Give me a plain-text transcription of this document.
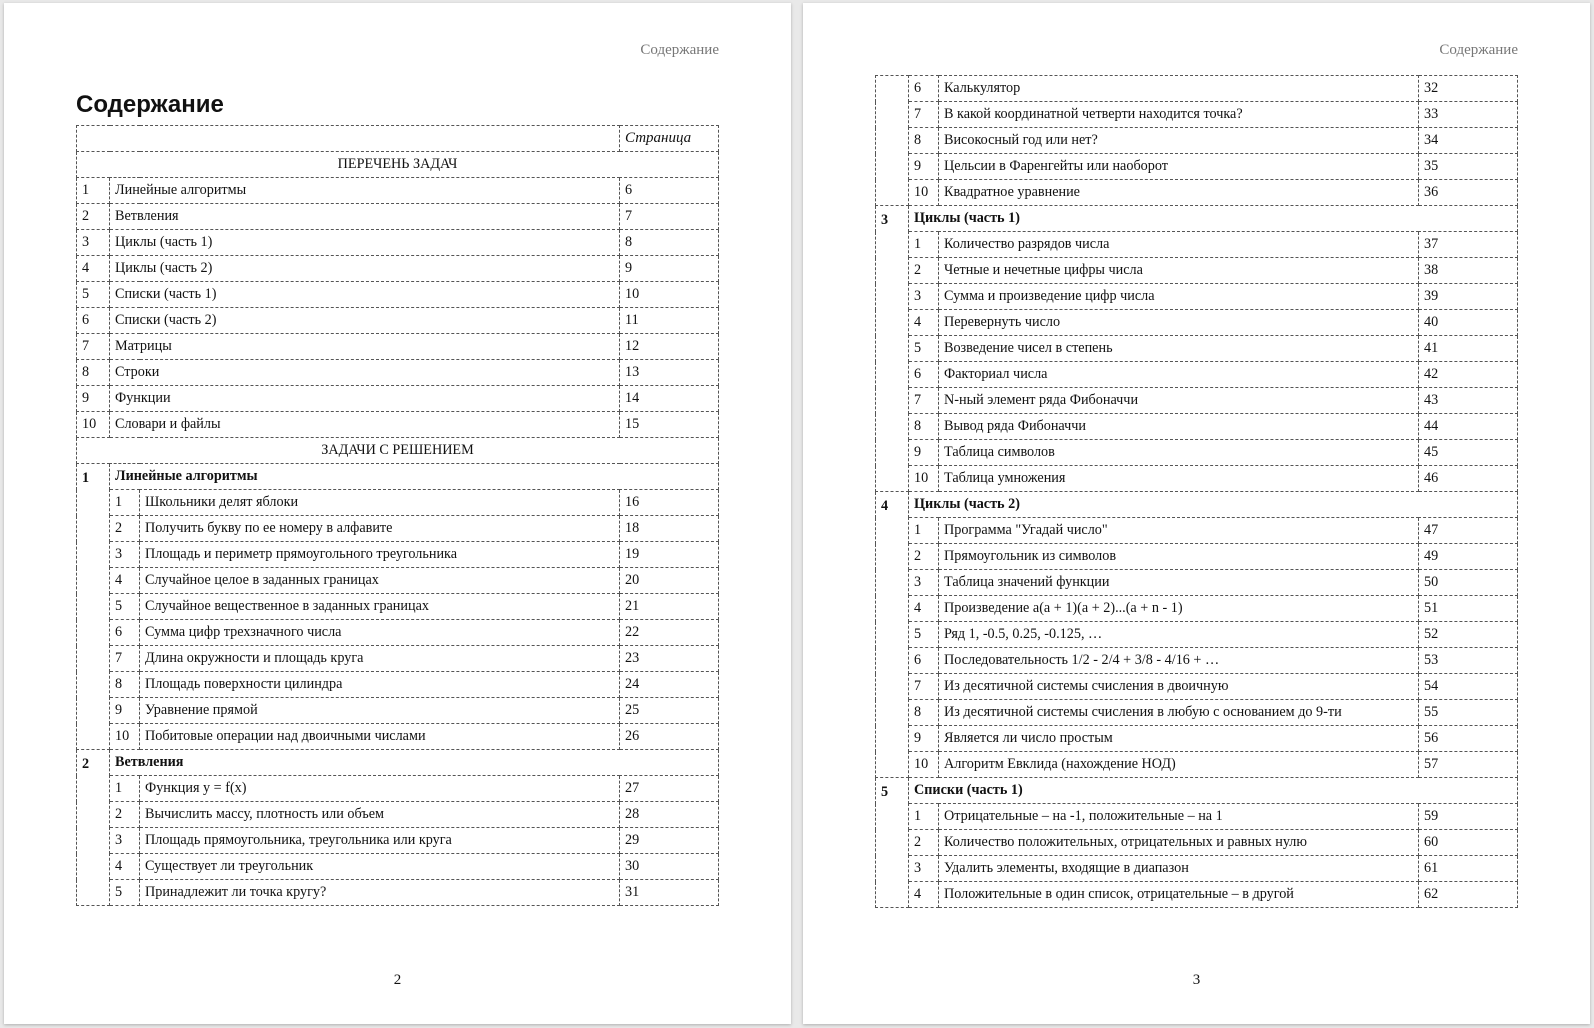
Содержание
Содержание
			Страница
ПЕРЕЧЕНЬ ЗАДАЧ			
1	Линейные алгоритмы		6
2	Ветвления		7
3	Циклы (часть 1)		8
4	Циклы (часть 2)		9
5	Списки (часть 1)		10
6	Списки (часть 2)		11
7	Матрицы		12
8	Строки		13
9	Функции		14
10	Словари и файлы		15
ЗАДАЧИ С РЕШЕНИЕМ			
1	Линейные алгоритмы		
	1	Школьники делят яблоки	16
	2	Получить букву по ее номеру в алфавите	18
	3	Площадь и периметр прямоугольного треугольника	19
	4	Случайное целое в заданных границах	20
	5	Случайное вещественное в заданных границах	21
	6	Сумма цифр трехзначного числа	22
	7	Длина окружности и площадь круга	23
	8	Площадь поверхности цилиндра	24
	9	Уравнение прямой	25
	10	Побитовые операции над двоичными числами	26
2	Ветвления		
	1	Функция y = f(x)	27
	2	Вычислить массу, плотность или объем	28
	3	Площадь прямоугольника, треугольника или круга	29
	4	Существует ли треугольник	30
	5	Принадлежит ли точка кругу?	31
2
Содержание
	6	Калькулятор	32
	7	В какой координатной четверти находится точка?	33
	8	Високосный год или нет?	34
	9	Цельсии в Фаренгейты или наоборот	35
	10	Квадратное уравнение	36
3	Циклы (часть 1)		
	1	Количество разрядов числа	37
	2	Четные и нечетные цифры числа	38
	3	Сумма и произведение цифр числа	39
	4	Перевернуть число	40
	5	Возведение чисел в степень	41
	6	Факториал числа	42
	7	N-ный элемент ряда Фибоначчи	43
	8	Вывод ряда Фибоначчи	44
	9	Таблица символов	45
	10	Таблица умножения	46
4	Циклы (часть 2)		
	1	Программа "Угадай число"	47
	2	Прямоугольник из символов	49
	3	Таблица значений функции	50
	4	Произведение a(a + 1)(a + 2)...(a + n - 1)	51
	5	Ряд 1, -0.5, 0.25, -0.125, …	52
	6	Последовательность 1/2 - 2/4 + 3/8 - 4/16 + …	53
	7	Из десятичной системы счисления в двоичную	54
	8	Из десятичной системы счисления в любую с основанием до 9-ти	55
	9	Является ли число простым	56
	10	Алгоритм Евклида (нахождение НОД)	57
5	Списки (часть 1)		
	1	Отрицательные – на -1, положительные – на 1	59
	2	Количество положительных, отрицательных и равных нулю	60
	3	Удалить элементы, входящие в диапазон	61
	4	Положительные в один список, отрицательные – в другой	62
3
